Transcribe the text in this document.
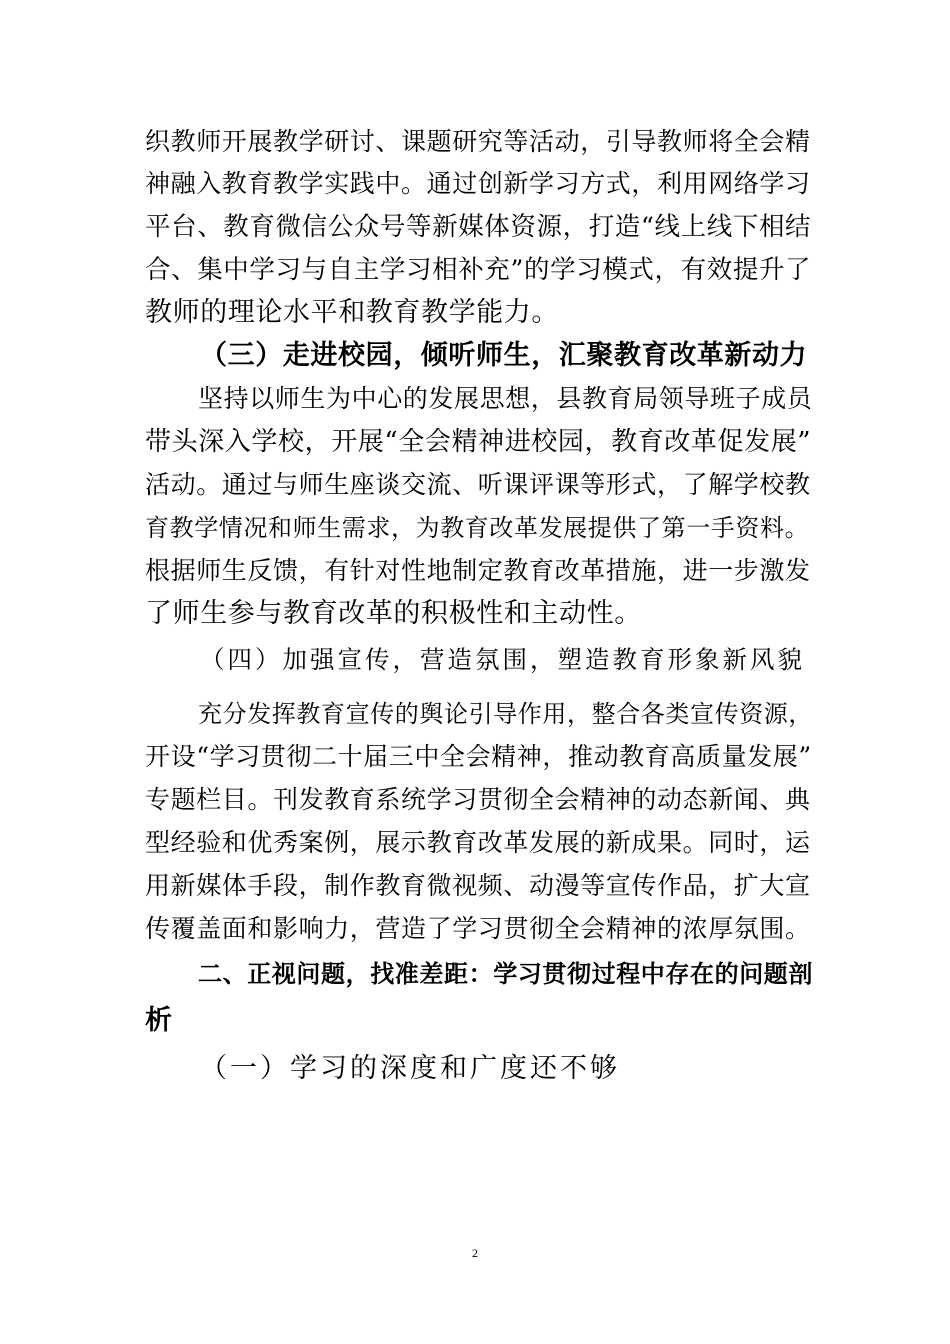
织教师开展教学研讨、课题研究等活动，引导教师将全会精
神融入教育教学实践中。通过创新学习方式，利用网络学习
平台、教育微信公众号等新媒体资源，打造“线上线下相结
合、集中学习与自主学习相补充”的学习模式，有效提升了
教师的理论水平和教育教学能力。
（三）走进校园，倾听师生，汇聚教育改革新动力
坚持以师生为中心的发展思想，县教育局领导班子成员
带头深入学校，开展“全会精神进校园，教育改革促发展”
活动。通过与师生座谈交流、听课评课等形式，了解学校教
育教学情况和师生需求，为教育改革发展提供了第一手资料。
根据师生反馈，有针对性地制定教育改革措施，进一步激发
了师生参与教育改革的积极性和主动性。
（四）加强宣传，营造氛围，塑造教育形象新风貌
充分发挥教育宣传的舆论引导作用，整合各类宣传资源，
开设“学习贯彻二十届三中全会精神，推动教育高质量发展”
专题栏目。刊发教育系统学习贯彻全会精神的动态新闻、典
型经验和优秀案例，展示教育改革发展的新成果。同时，运
用新媒体手段，制作教育微视频、动漫等宣传作品，扩大宣
传覆盖面和影响力，营造了学习贯彻全会精神的浓厚氛围。
二、正视问题，找准差距：学习贯彻过程中存在的问题剖
析
（一）学习的深度和广度还不够
2
